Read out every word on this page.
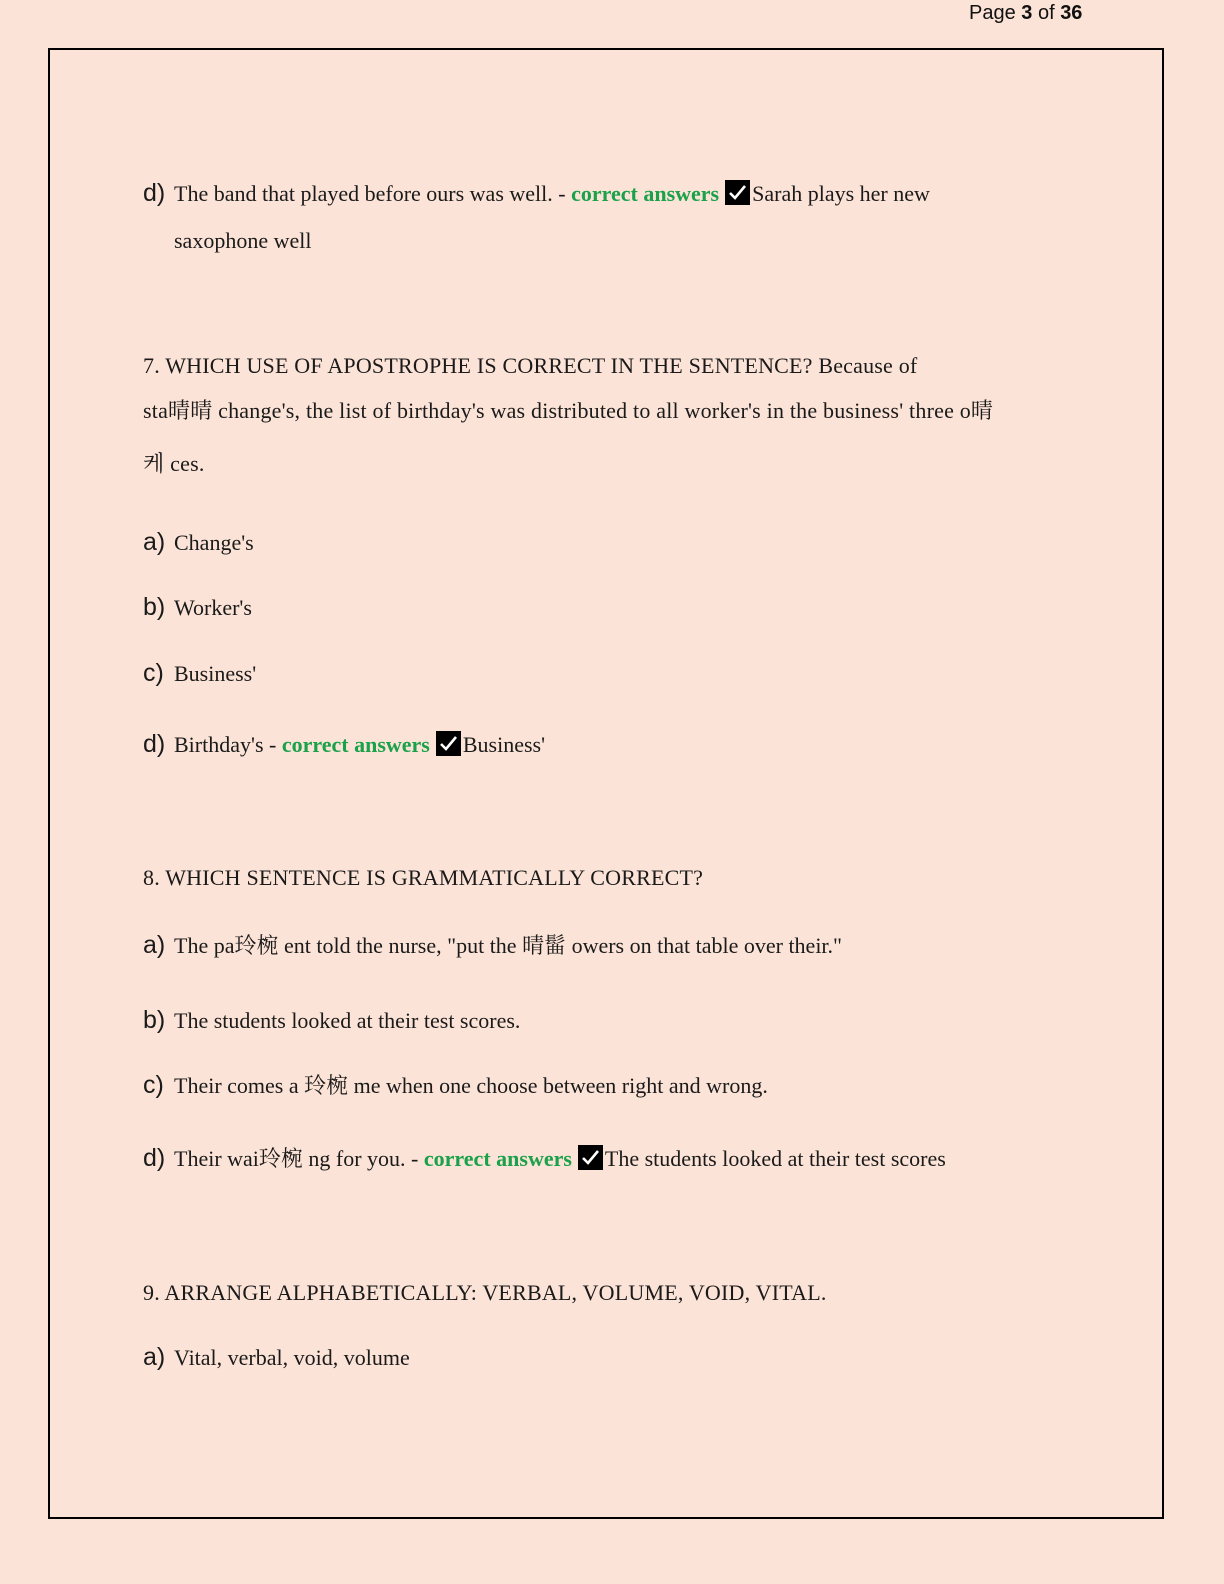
Page 3 of 36
d) The band that played before ours was well. - correct answers Sarah plays her new
saxophone well
7. WHICH USE OF APOSTROPHE IS CORRECT IN THE SENTENCE? Because of
sta晴晴 change's, the list of birthday's was distributed to all worker's in the business' three o晴
케 ces.
a) Change's
b) Worker's
c) Business'
d) Birthday's - correct answers Business'
8. WHICH SENTENCE IS GRAMMATICALLY CORRECT?
a) The pa玲椀 ent told the nurse, "put the 晴髷 owers on that table over their."
b) The students looked at their test scores.
c) Their comes a 玲椀 me when one choose between right and wrong.
d) Their wai玲椀 ng for you. - correct answers The students looked at their test scores
9. ARRANGE ALPHABETICALLY: VERBAL, VOLUME, VOID, VITAL.
a) Vital, verbal, void, volume
